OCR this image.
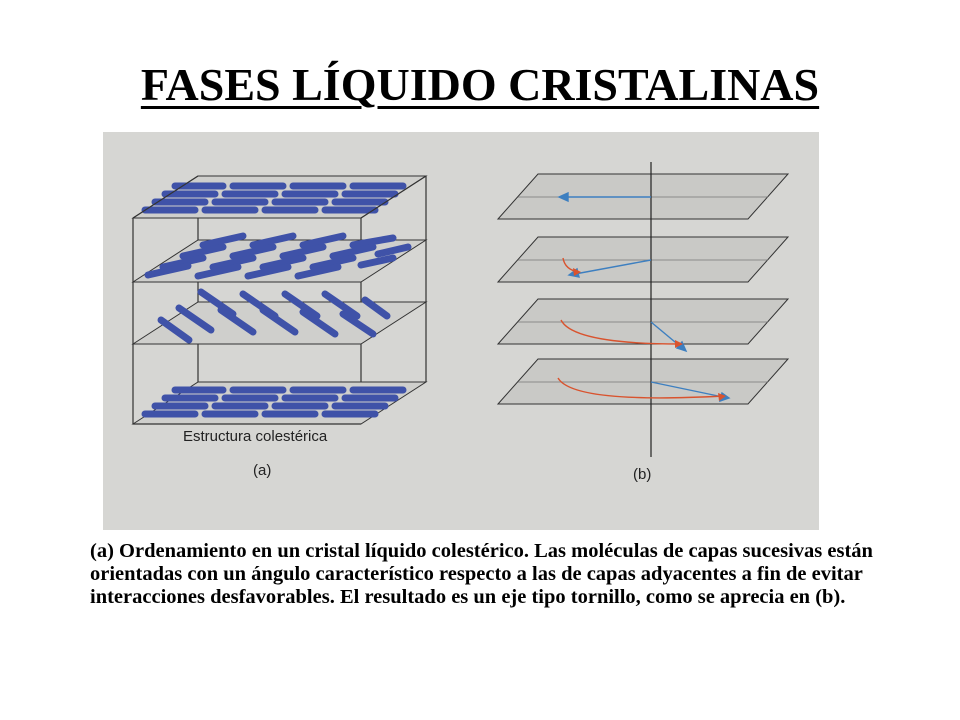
FASES LÍQUIDO CRISTALINAS

Estructura colestérica

(a)	(b)

(a) Ordenamiento en un cristal líquido colestérico. Las moléculas de capas sucesivas están orientadas con un ángulo característico respecto a las de capas adyacentes a fin de evitar interacciones desfavorables. El resultado es un eje tipo tornillo, como se aprecia en (b).
